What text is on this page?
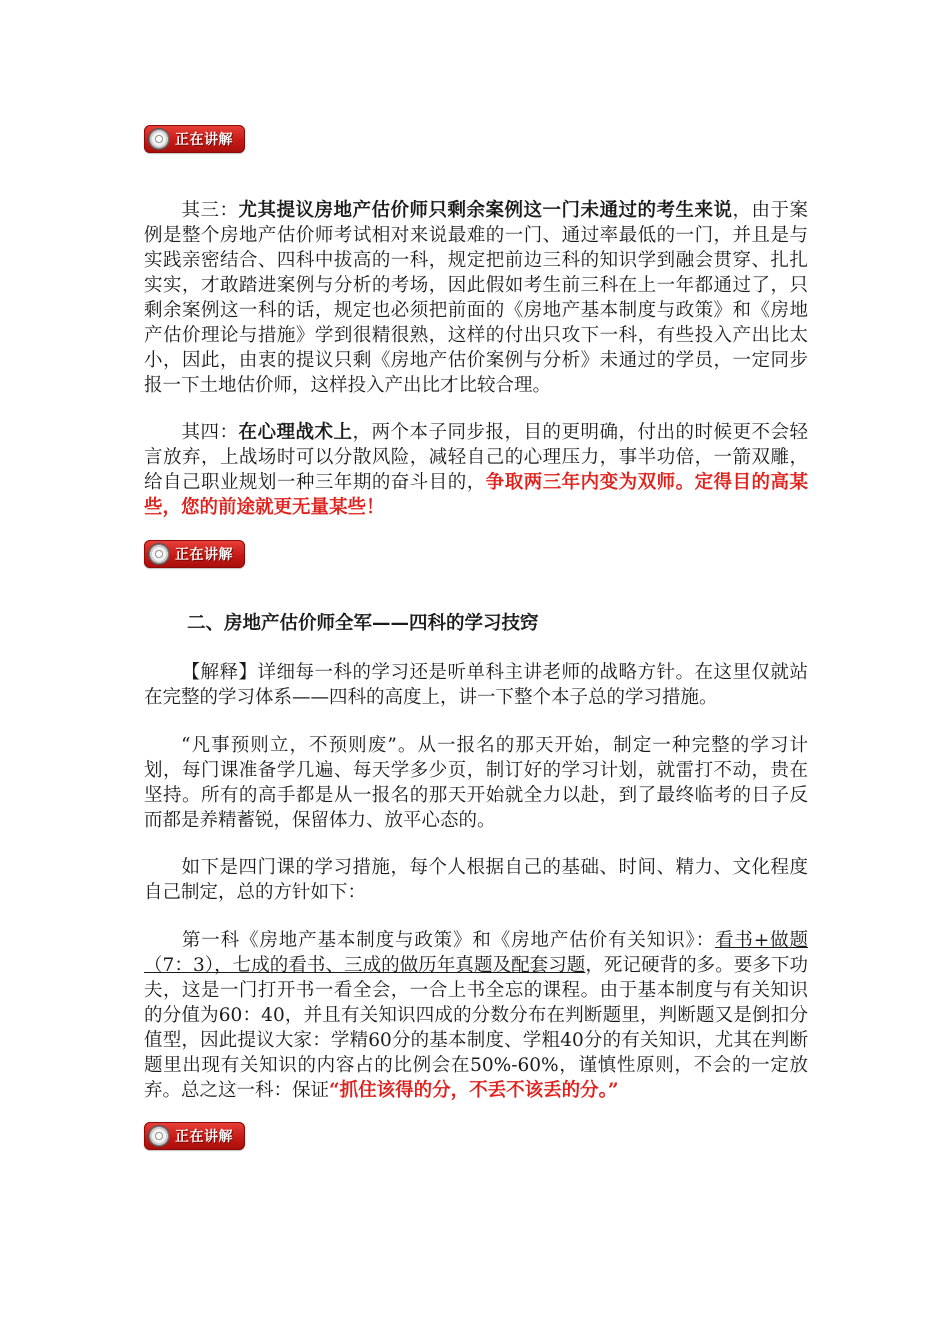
正在讲解

其三：尤其提议房地产估价师只剩余案例这一门未通过的考生来说，由于案例是整个房地产估价师考试相对来说最难的一门、通过率最低的一门，并且是与实践亲密结合、四科中拔高的一科，规定把前边三科的知识学到融会贯穿、扎扎实实，才敢踏进案例与分析的考场，因此假如考生前三科在上一年都通过了，只剩余案例这一科的话，规定也必须把前面的《房地产基本制度与政策》和《房地产估价理论与措施》学到很精很熟，这样的付出只攻下一科，有些投入产出比太小，因此，由衷的提议只剩《房地产估价案例与分析》未通过的学员，一定同步报一下土地估价师，这样投入产出比才比较合理。

其四：在心理战术上，两个本子同步报，目的更明确，付出的时候更不会轻言放弃，上战场时可以分散风险，减轻自己的心理压力，事半功倍，一箭双雕，给自己职业规划一种三年期的奋斗目的，争取两三年内变为双师。定得目的高某些，您的前途就更无量某些！

正在讲解

二、房地产估价师全军——四科的学习技窍

【解释】详细每一科的学习还是听单科主讲老师的战略方针。在这里仅就站在完整的学习体系——四科的高度上，讲一下整个本子总的学习措施。

“凡事预则立，不预则废”。从一报名的那天开始，制定一种完整的学习计划，每门课准备学几遍、每天学多少页，制订好的学习计划，就雷打不动，贵在坚持。所有的高手都是从一报名的那天开始就全力以赴，到了最终临考的日子反而都是养精蓄锐，保留体力、放平心态的。

如下是四门课的学习措施，每个人根据自己的基础、时间、精力、文化程度自己制定，总的方针如下：

第一科《房地产基本制度与政策》和《房地产估价有关知识》：看书+做题（7：3），七成的看书、三成的做历年真题及配套习题，死记硬背的多。要多下功夫，这是一门打开书一看全会，一合上书全忘的课程。由于基本制度与有关知识的分值为60：40，并且有关知识四成的分数分布在判断题里，判断题又是倒扣分值型，因此提议大家：学精60分的基本制度、学粗40分的有关知识，尤其在判断题里出现有关知识的内容占的比例会在50%-60%，谨慎性原则，不会的一定放弃。总之这一科：保证“抓住该得的分，不丢不该丢的分。”

正在讲解
